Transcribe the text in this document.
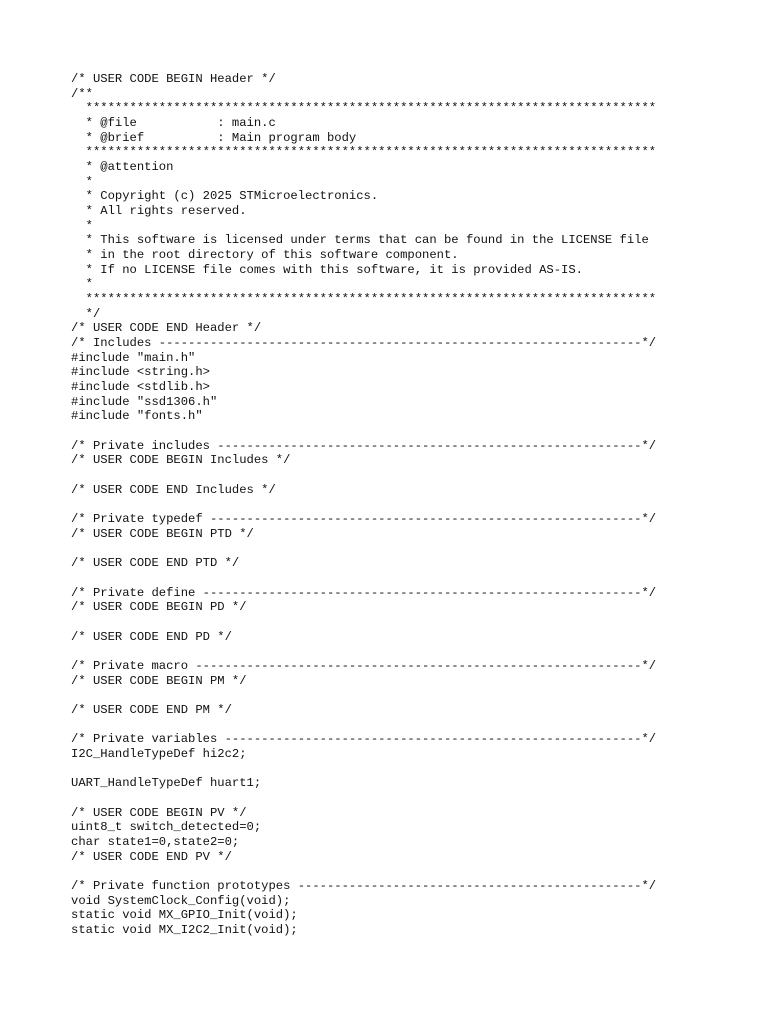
/* USER CODE BEGIN Header */
/**
******************************************************************************
* @file           : main.c
* @brief          : Main program body
******************************************************************************
* @attention
*
* Copyright (c) 2025 STMicroelectronics.
* All rights reserved.
*
* This software is licensed under terms that can be found in the LICENSE file
* in the root directory of this software component.
* If no LICENSE file comes with this software, it is provided AS-IS.
*
******************************************************************************
*/
/* USER CODE END Header */
/* Includes ------------------------------------------------------------------*/
#include "main.h"
#include <string.h>
#include <stdlib.h>
#include "ssd1306.h"
#include "fonts.h"
/* Private includes ----------------------------------------------------------*/
/* USER CODE BEGIN Includes */
/* USER CODE END Includes */
/* Private typedef -----------------------------------------------------------*/
/* USER CODE BEGIN PTD */
/* USER CODE END PTD */
/* Private define ------------------------------------------------------------*/
/* USER CODE BEGIN PD */
/* USER CODE END PD */
/* Private macro -------------------------------------------------------------*/
/* USER CODE BEGIN PM */
/* USER CODE END PM */
/* Private variables ---------------------------------------------------------*/
I2C_HandleTypeDef hi2c2;
UART_HandleTypeDef huart1;
/* USER CODE BEGIN PV */
uint8_t switch_detected=0;
char state1=0,state2=0;
/* USER CODE END PV */
/* Private function prototypes -----------------------------------------------*/
void SystemClock_Config(void);
static void MX_GPIO_Init(void);
static void MX_I2C2_Init(void);
